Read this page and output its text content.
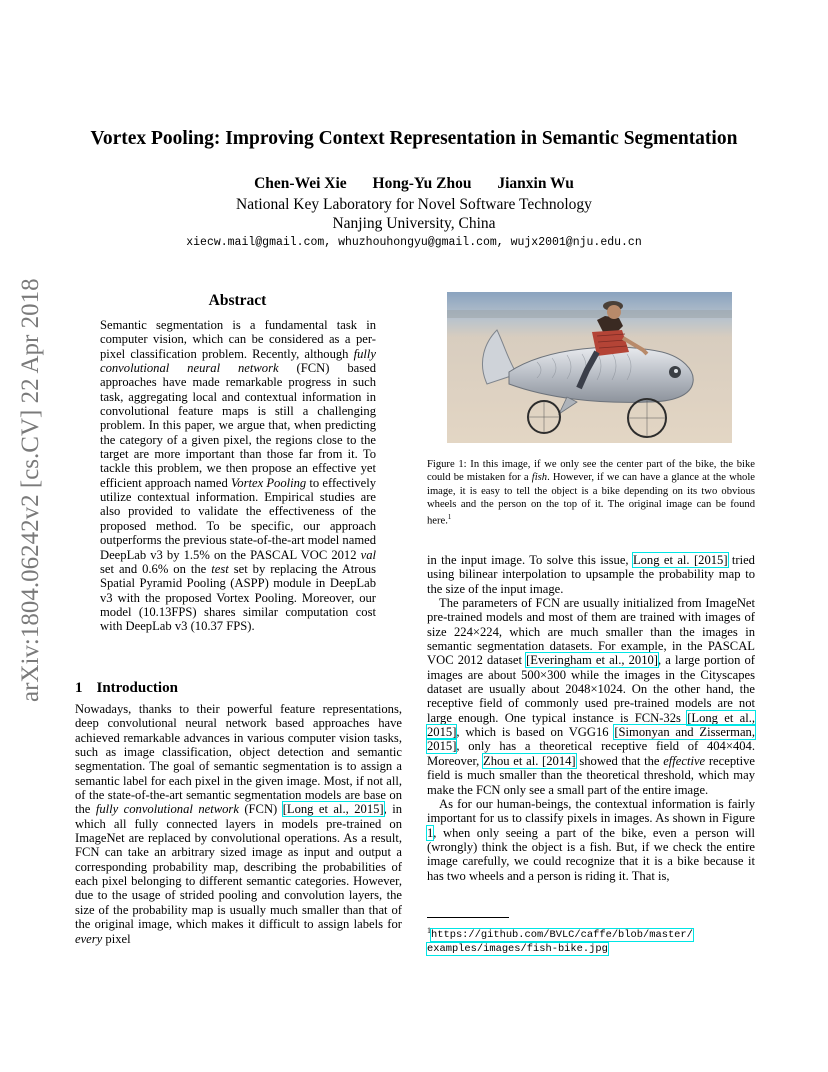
Vortex Pooling: Improving Context Representation in Semantic Segmentation
Chen-Wei Xie Hong-Yu Zhou Jianxin Wu
National Key Laboratory for Novel Software Technology
Nanjing University, China
xiecw.mail@gmail.com, whuzhouhongyu@gmail.com, wujx2001@nju.edu.cn
arXiv:1804.06242v2 [cs.CV] 22 Apr 2018	Abstract
Semantic segmentation is a fundamental task in computer vision, which can be considered as a per-pixel classification problem. Recently, although fully convolutional neural network (FCN) based approaches have made remarkable progress in such task, aggregating local and contextual information in convolutional feature maps is still a challenging problem. In this paper, we argue that, when predicting the category of a given pixel, the regions close to the target are more important than those far from it. To tackle this problem, we then propose an effective yet efficient approach named Vortex Pooling to effectively utilize contextual information. Empirical studies are also provided to validate the effectiveness of the proposed method. To be specific, our approach outperforms the previous state-of-the-art model named DeepLab v3 by 1.5% on the PASCAL VOC 2012 val set and 0.6% on the test set by replacing the Atrous Spatial Pyramid Pooling (ASPP) module in DeepLab v3 with the proposed Vortex Pooling. Moreover, our model (10.13FPS) shares similar computation cost with DeepLab v3 (10.37 FPS).
1 Introduction
Nowadays, thanks to their powerful feature representations, deep convolutional neural network based approaches have achieved remarkable advances in various computer vision tasks, such as image classification, object detection and semantic segmentation. The goal of semantic segmentation is to assign a semantic label for each pixel in the given image. Most, if not all, of the state-of-the-art semantic segmentation models are base on the fully convolutional network (FCN) [Long et al., 2015], in which all fully connected layers in models pre-trained on ImageNet are replaced by convolutional operations. As a result, FCN can take an arbitrary sized image as input and output a corresponding probability map, describing the probabilities of each pixel belonging to different semantic categories. However, due to the usage of strided pooling and convolution layers, the size of the probability map is usually much smaller than that of the original image, which makes it difficult to assign labels for every pixel
Figure 1: In this image, if we only see the center part of the bike, the bike could be mistaken for a fish. However, if we can have a glance at the whole image, it is easy to tell the object is a bike depending on its two obvious wheels and the person on the top of it. The original image can be found here.$^1$

in the input image. To solve this issue, Long et al. [2015] tried using bilinear interpolation to upsample the probability map to the size of the input image.

The parameters of FCN are usually initialized from ImageNet pre-trained models and most of them are trained with images of size 224×224, which are much smaller than the images in semantic segmentation datasets. For example, in the PASCAL VOC 2012 dataset [Everingham et al., 2010], a large portion of images are about 500×300 while the images in the Cityscapes dataset are usually about 2048×1024. On the other hand, the receptive field of commonly used pre-trained models are not large enough. One typical instance is FCN-32s [Long et al., 2015], which is based on VGG16 [Simonyan and Zisserman, 2015], only has a theoretical receptive field of 404×404. Moreover, Zhou et al. [2014] showed that the effective receptive field is much smaller than the theoretical threshold, which may make the FCN only see a small part of the entire image.

As for our human-beings, the contextual information is fairly important for us to classify pixels in images. As shown in Figure 1, when only seeing a part of the bike, even a person will (wrongly) think the object is a fish. But, if we check the entire image carefully, we could recognize that it is a bike because it has two wheels and a person is riding it. That is,

$^1$https://github.com/BVLC/caffe/blob/master/
examples/images/fish-bike.jpg
